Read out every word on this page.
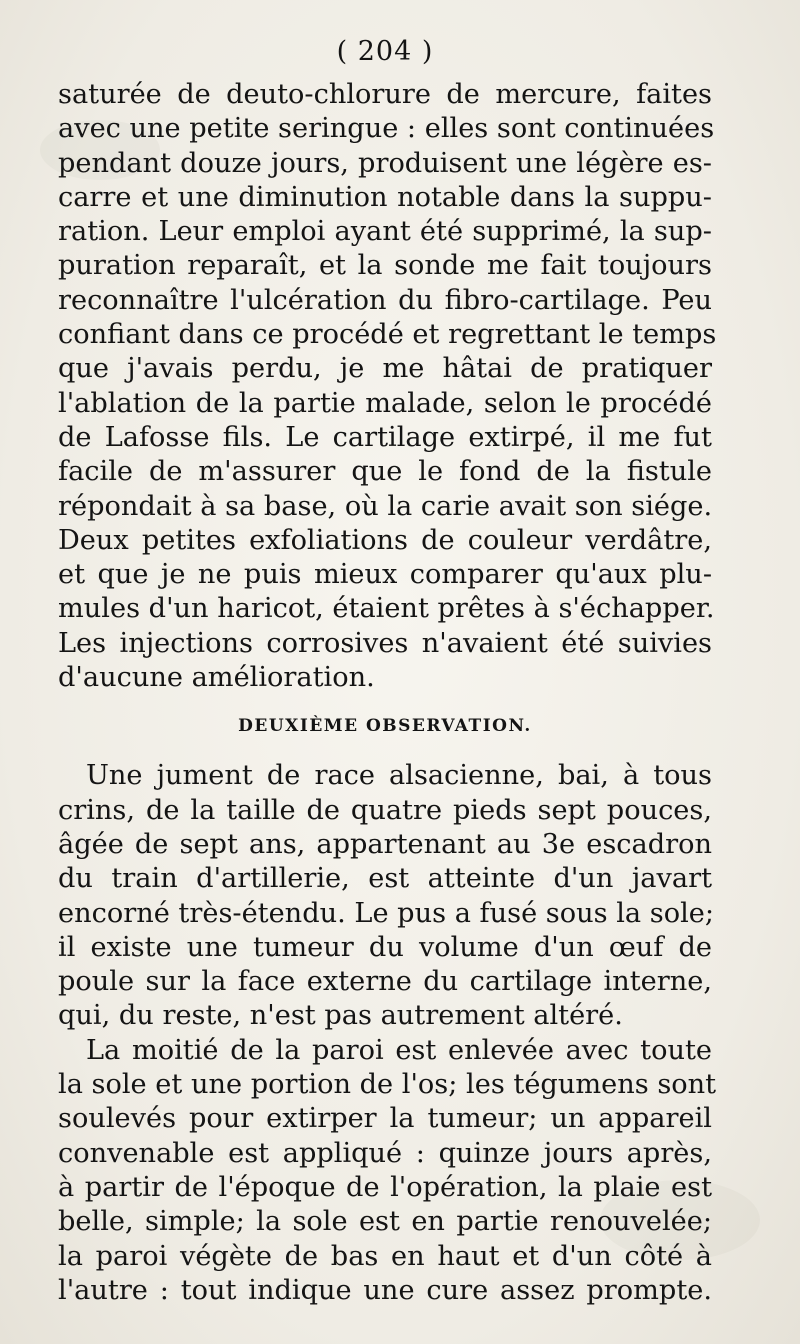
( 204 )
saturée de deuto-chlorure de mercure, faites
avec une petite seringue : elles sont continuées
pendant douze jours, produisent une légère es-
carre et une diminution notable dans la suppu-
ration. Leur emploi ayant été supprimé, la sup-
puration reparaît, et la sonde me fait toujours
reconnaître l'ulcération du fibro-cartilage. Peu
confiant dans ce procédé et regrettant le temps
que j'avais perdu, je me hâtai de pratiquer
l'ablation de la partie malade, selon le procédé
de Lafosse fils. Le cartilage extirpé, il me fut
facile de m'assurer que le fond de la fistule
répondait à sa base, où la carie avait son siége.
Deux petites exfoliations de couleur verdâtre,
et que je ne puis mieux comparer qu'aux plu-
mules d'un haricot, étaient prêtes à s'échapper.
Les injections corrosives n'avaient été suivies
d'aucune amélioration.
DEUXIÈME OBSERVATION.
Une jument de race alsacienne, bai, à tous
crins, de la taille de quatre pieds sept pouces,
âgée de sept ans, appartenant au 3e escadron
du train d'artillerie, est atteinte d'un javart
encorné très-étendu. Le pus a fusé sous la sole;
il existe une tumeur du volume d'un œuf de
poule sur la face externe du cartilage interne,
qui, du reste, n'est pas autrement altéré.
La moitié de la paroi est enlevée avec toute
la sole et une portion de l'os; les tégumens sont
soulevés pour extirper la tumeur; un appareil
convenable est appliqué : quinze jours après,
à partir de l'époque de l'opération, la plaie est
belle, simple; la sole est en partie renouvelée;
la paroi végète de bas en haut et d'un côté à
l'autre : tout indique une cure assez prompte.
